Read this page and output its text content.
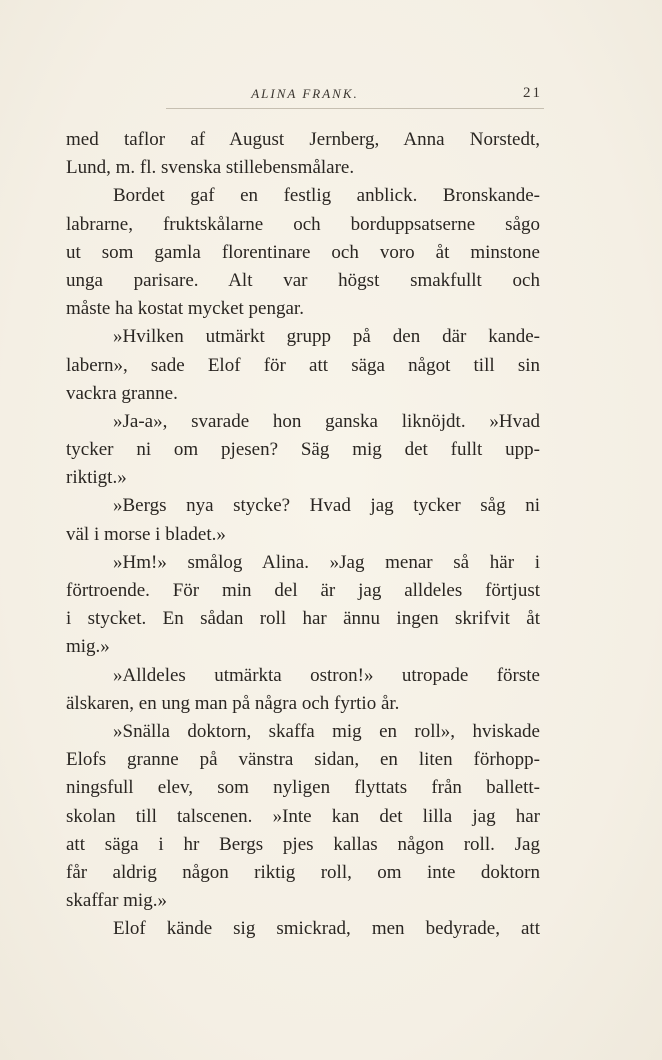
ALINA FRANK.	21
med taflor af August Jernberg, Anna Norstedt,
Lund, m. fl. svenska stillebensmålare.
Bordet gaf en festlig anblick. Bronskande-
labrarne, fruktskålarne och borduppsatserne sågo
ut som gamla florentinare och voro åt minstone
unga parisare. Alt var högst smakfullt och
måste ha kostat mycket pengar.
»Hvilken utmärkt grupp på den där kande-
labern», sade Elof för att säga något till sin
vackra granne.
»Ja-a», svarade hon ganska liknöjdt. »Hvad
tycker ni om pjesen? Säg mig det fullt upp-
riktigt.»
»Bergs nya stycke? Hvad jag tycker såg ni
väl i morse i bladet.»
»Hm!» smålog Alina. »Jag menar så här i
förtroende. För min del är jag alldeles förtjust
i stycket. En sådan roll har ännu ingen skrifvit åt
mig.»
»Alldeles utmärkta ostron!» utropade förste
älskaren, en ung man på några och fyrtio år.
»Snälla doktorn, skaffa mig en roll», hviskade
Elofs granne på vänstra sidan, en liten förhopp-
ningsfull elev, som nyligen flyttats från ballett-
skolan till talscenen. »Inte kan det lilla jag har
att säga i hr Bergs pjes kallas någon roll. Jag
får aldrig någon riktig roll, om inte doktorn
skaffar mig.»
Elof kände sig smickrad, men bedyrade, att
